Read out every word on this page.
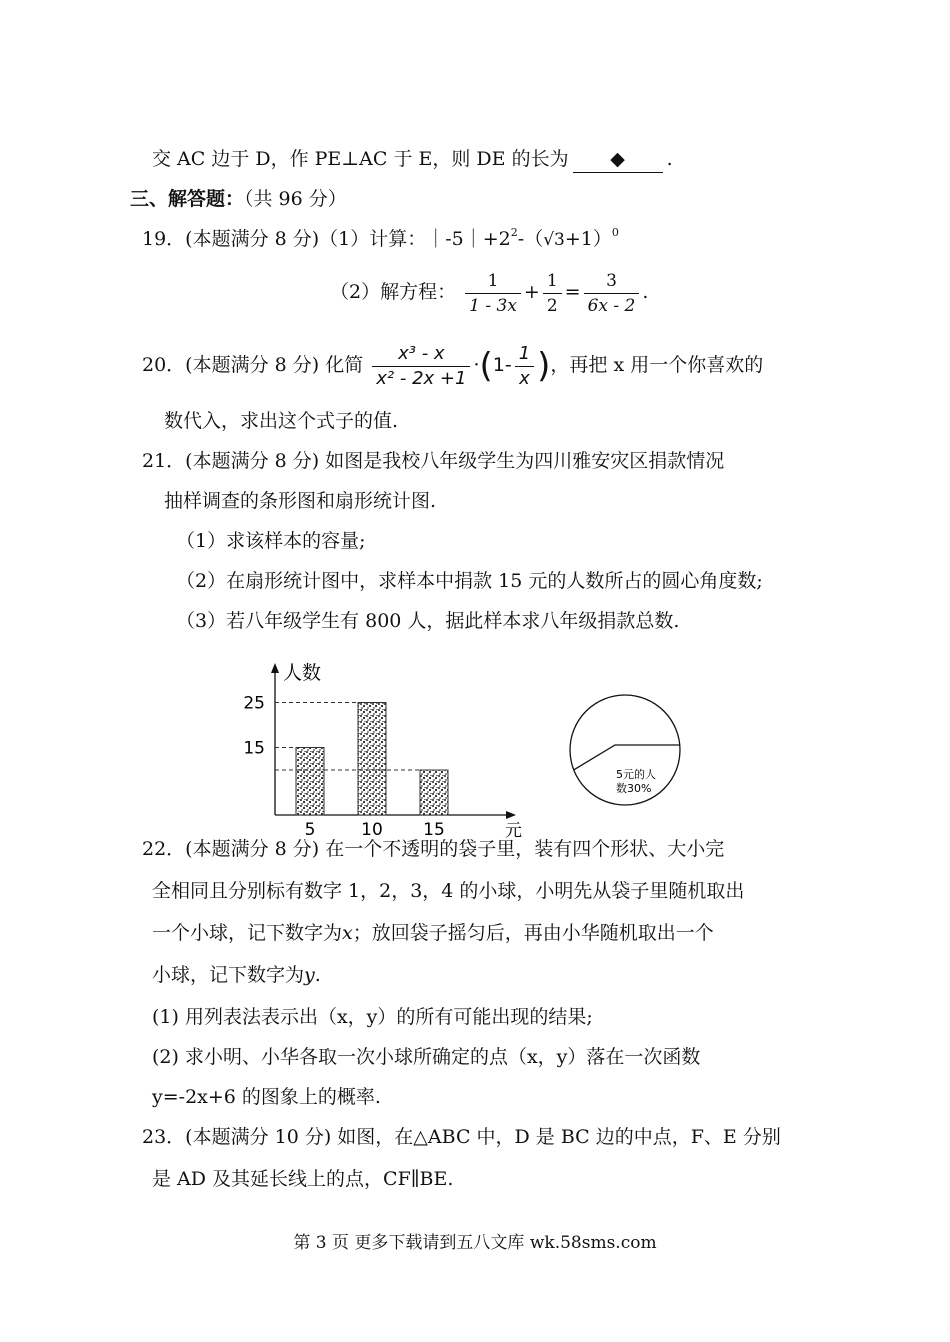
交 AC 边于 D，作 PE⊥AC 于 E，则 DE 的长为 ◆ .
三、解答题：（共 96 分）
19．(本题满分 8 分)（1）计算：$|-5|+2^2-(√3+1)^0$
（2）解方程： $\frac{1}{1 - 3x} + \frac{1}{2} = \frac{3}{6x - 2}$ .
20．(本题满分 8 分) 化简 $\frac{\text{x³ - x}}{\text{x² - 2x +1}} \cdot(1- \frac{1}{x}$ )，再把 x 用一个你喜欢的
数代入，求出这个式子的值.
21．(本题满分 8 分) 如图是我校八年级学生为四川雅安灾区捐款情况
抽样调查的条形图和扇形统计图.
（1）求该样本的容量;
（2）在扇形统计图中，求样本中捐款 15 元的人数所占的圆心角度数;
（3）若八年级学生有 800 人，据此样本求八年级捐款总数.
人数
元
5	10 15
25
15
5元的人
数30%
22．(本题满分 8 分) 在一个不透明的袋子里，装有四个形状、大小完
全相同且分别标有数字 1，2，3，4 的小球，小明先从袋子里随机取出
一个小球，记下数字为x；放回袋子摇匀后，再由小华随机取出一个
小球，记下数字为y.
(1) 用列表法表示出（x，y）的所有可能出现的结果;
(2) 求小明、小华各取一次小球所确定的点（x，y）落在一次函数
y=-2x+6 的图象上的概率.
23．(本题满分 10 分) 如图，在△ABC 中，D 是 BC 边的中点，F、E 分别
是 AD 及其延长线上的点，CF∥BE.
第 3 页 更多下载请到五八文库 wk.58sms.com
